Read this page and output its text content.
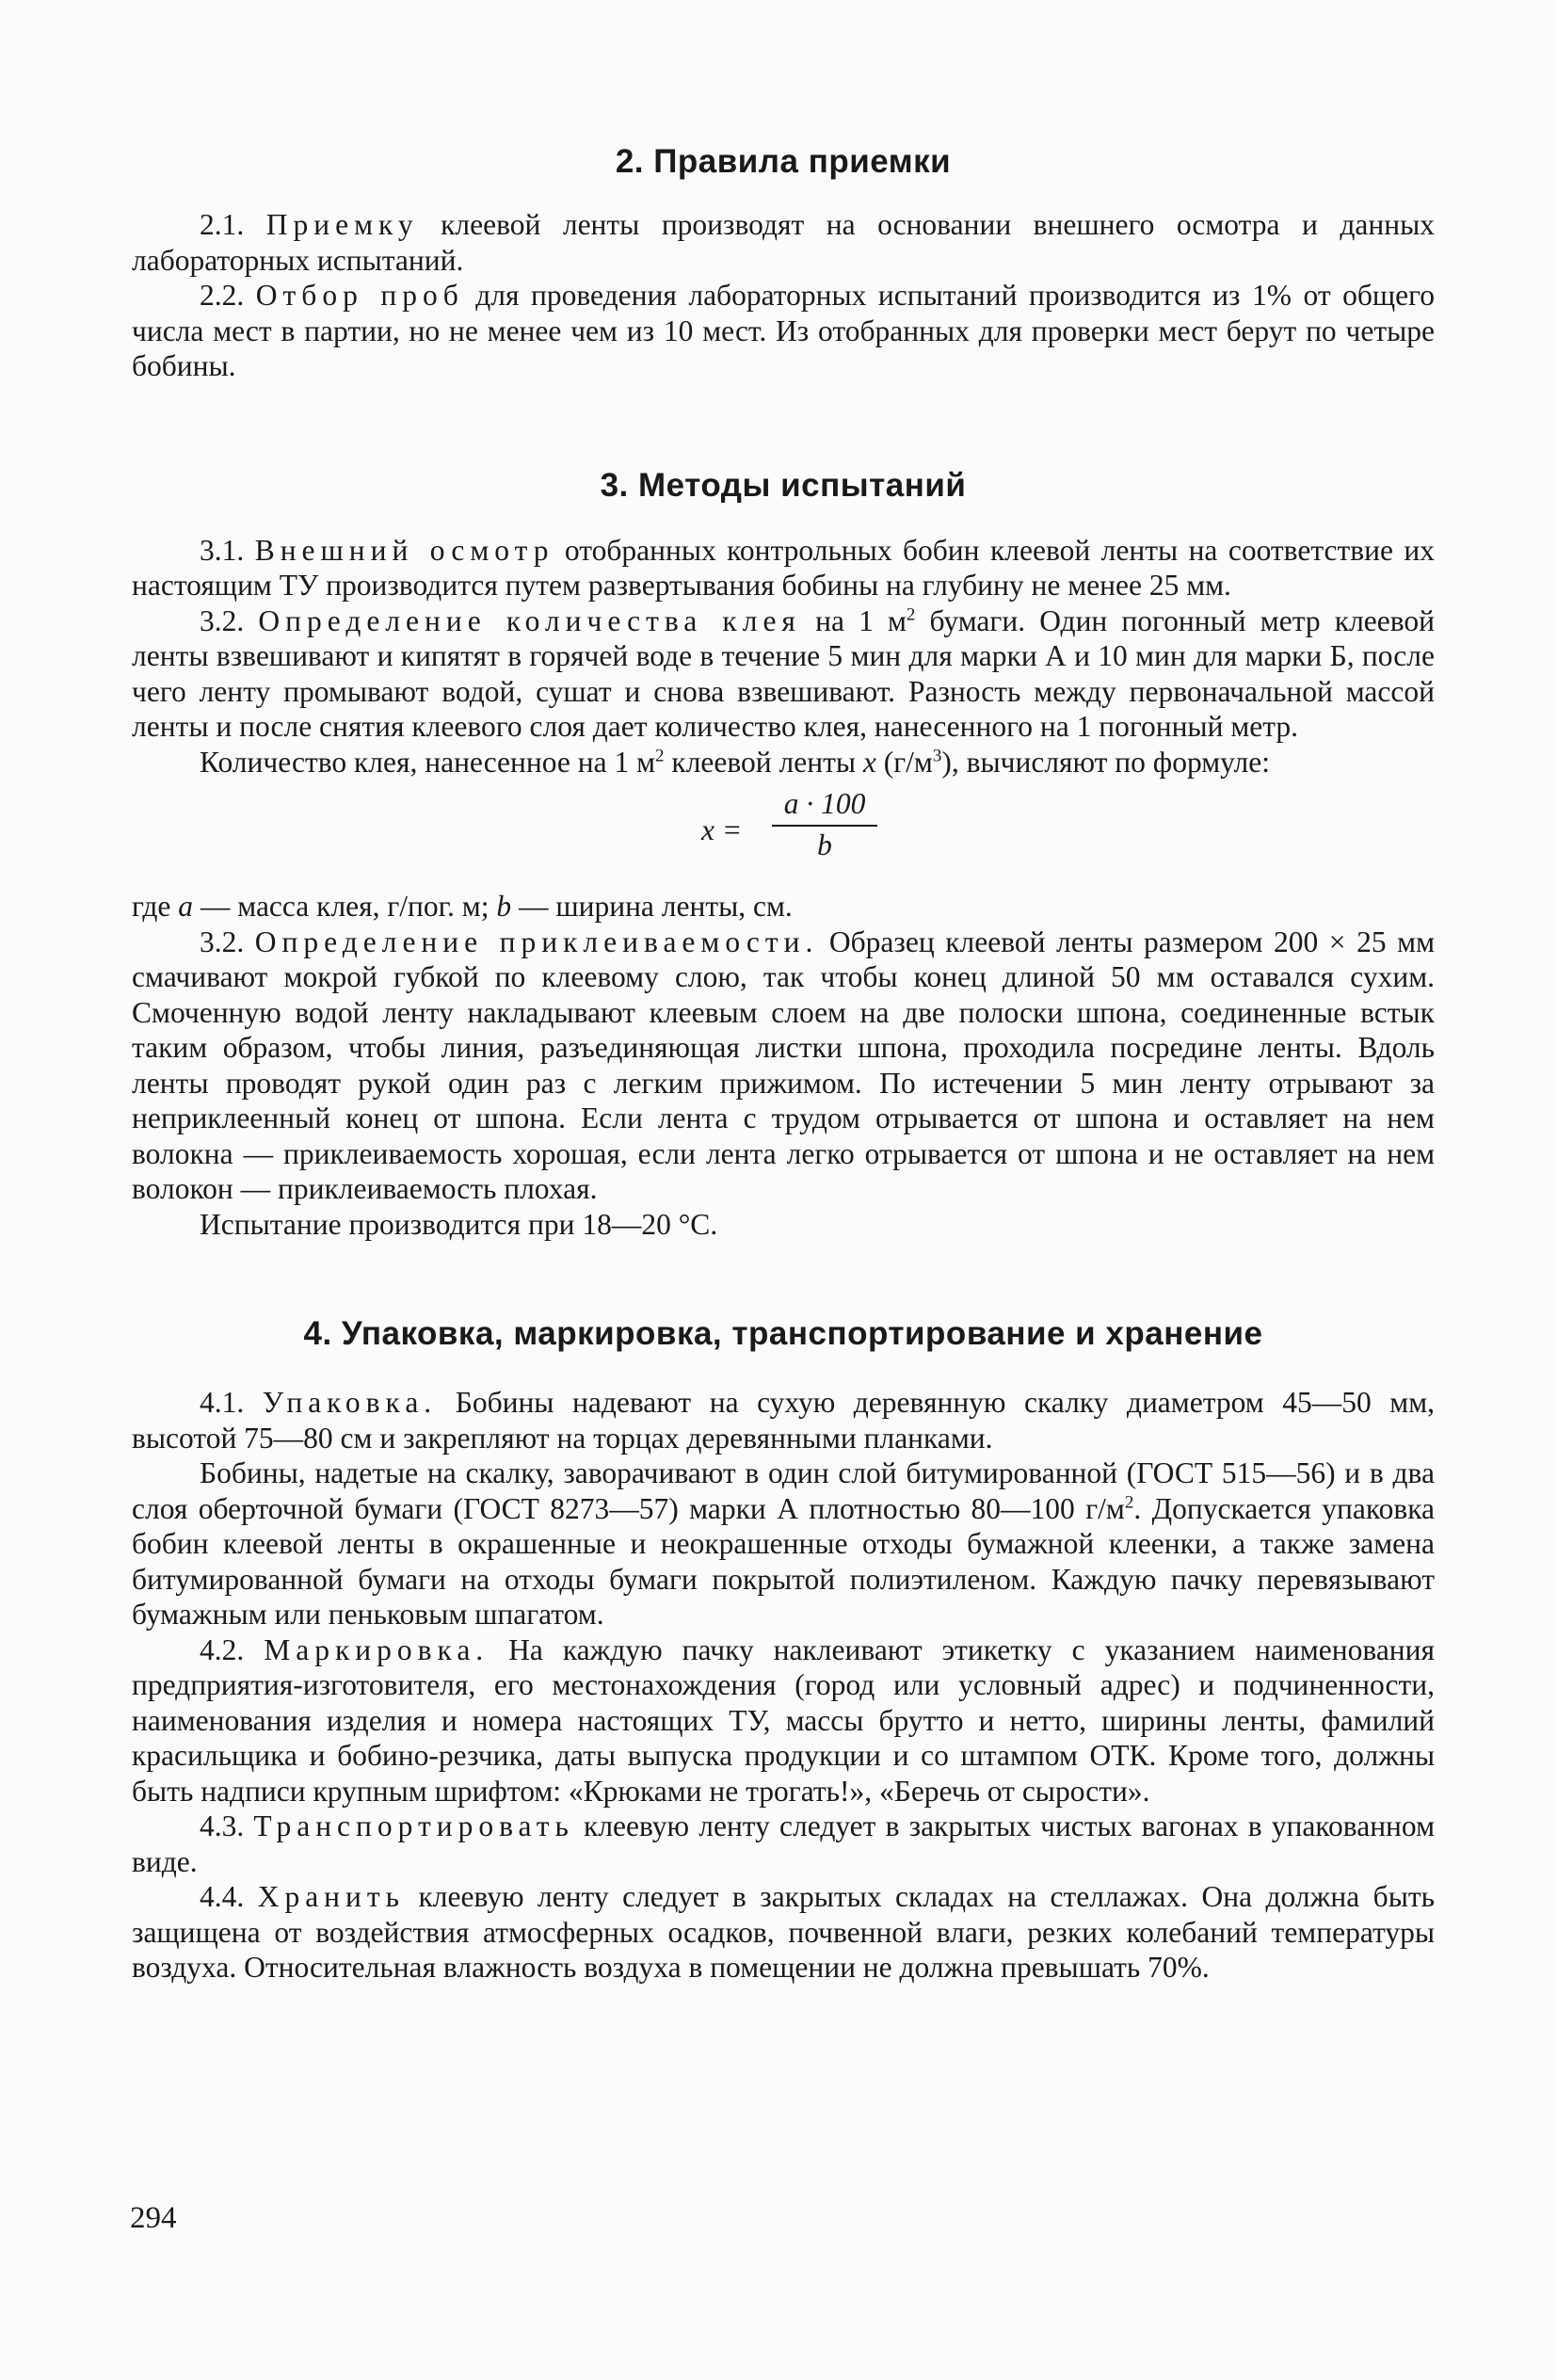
2. Правила приемки

2.1. Приемку клеевой ленты производят на основании внешнего осмотра и данных лабораторных испытаний.

2.2. Отбор проб для проведения лабораторных испытаний производится из 1% от общего числа мест в партии, но не менее чем из 10 мест. Из отобранных для проверки мест берут по четыре бобины.

3. Методы испытаний

3.1. Внешний осмотр отобранных контрольных бобин клеевой ленты на соответствие их настоящим ТУ производится путем развертывания бобины на глубину не менее 25 мм.

3.2. Определение количества клея на 1 $м^2$ бумаги. Один погонный метр клеевой ленты взвешивают и кипятят в горячей воде в течение 5 мин для марки А и 10 мин для марки Б, после чего ленту промывают водой, сушат и снова взвешивают. Разность между первоначальной массой ленты и после снятия клеевого слоя дает количество клея, нанесенного на 1 погонный метр.

Количество клея, нанесенное на 1 $м^2$ клеевой ленты x $(г/м^3)$, вычисляют по формуле:

$x = \frac{a \cdot 100}{b}$

где a — масса клея, г/пог. м; b — ширина ленты, см.

3.2. Определение приклеиваемости. Образец клеевой ленты размером 200 × 25 мм смачивают мокрой губкой по клеевому слою, так чтобы конец длиной 50 мм оставался сухим. Смоченную водой ленту накладывают клеевым слоем на две полоски шпона, соединенные встык таким образом, чтобы линия, разъединяющая листки шпона, проходила посредине ленты. Вдоль ленты проводят рукой один раз с легким прижимом. По истечении 5 мин ленту отрывают за неприклеенный конец от шпона. Если лента с трудом отрывается от шпона и оставляет на нем волокна — приклеиваемость хорошая, если лента легко отрывается от шпона и не оставляет на нем волокон — приклеиваемость плохая.

Испытание производится при 18—20 °С.

4. Упаковка, маркировка, транспортирование и хранение

4.1. Упаковка. Бобины надевают на сухую деревянную скалку диаметром 45—50 мм, высотой 75—80 см и закрепляют на торцах деревянными планками.

Бобины, надетые на скалку, заворачивают в один слой битумированной (ГОСТ 515—56) и в два слоя оберточной бумаги (ГОСТ 8273—57) марки А плотностью 80—100 $г/м^2$. Допускается упаковка бобин клеевой ленты в окрашенные и неокрашенные отходы бумажной клеенки, а также замена битумированной бумаги на отходы бумаги покрытой полиэтиленом. Каждую пачку перевязывают бумажным или пеньковым шпагатом.

4.2. Маркировка. На каждую пачку наклеивают этикетку с указанием наименования предприятия-изготовителя, его местонахождения (город или условный адрес) и подчиненности, наименования изделия и номера настоящих ТУ, массы брутто и нетто, ширины ленты, фамилий красильщика и бобино-резчика, даты выпуска продукции и со штампом ОТК. Кроме того, должны быть надписи крупным шрифтом: «Крюками не трогать!», «Беречь от сырости».

4.3. Транспортировать клеевую ленту следует в закрытых чистых вагонах в упакованном виде.

4.4. Хранить клеевую ленту следует в закрытых складах на стеллажах. Она должна быть защищена от воздействия атмосферных осадков, почвенной влаги, резких колебаний температуры воздуха. Относительная влажность воздуха в помещении не должна превышать 70%.

294
